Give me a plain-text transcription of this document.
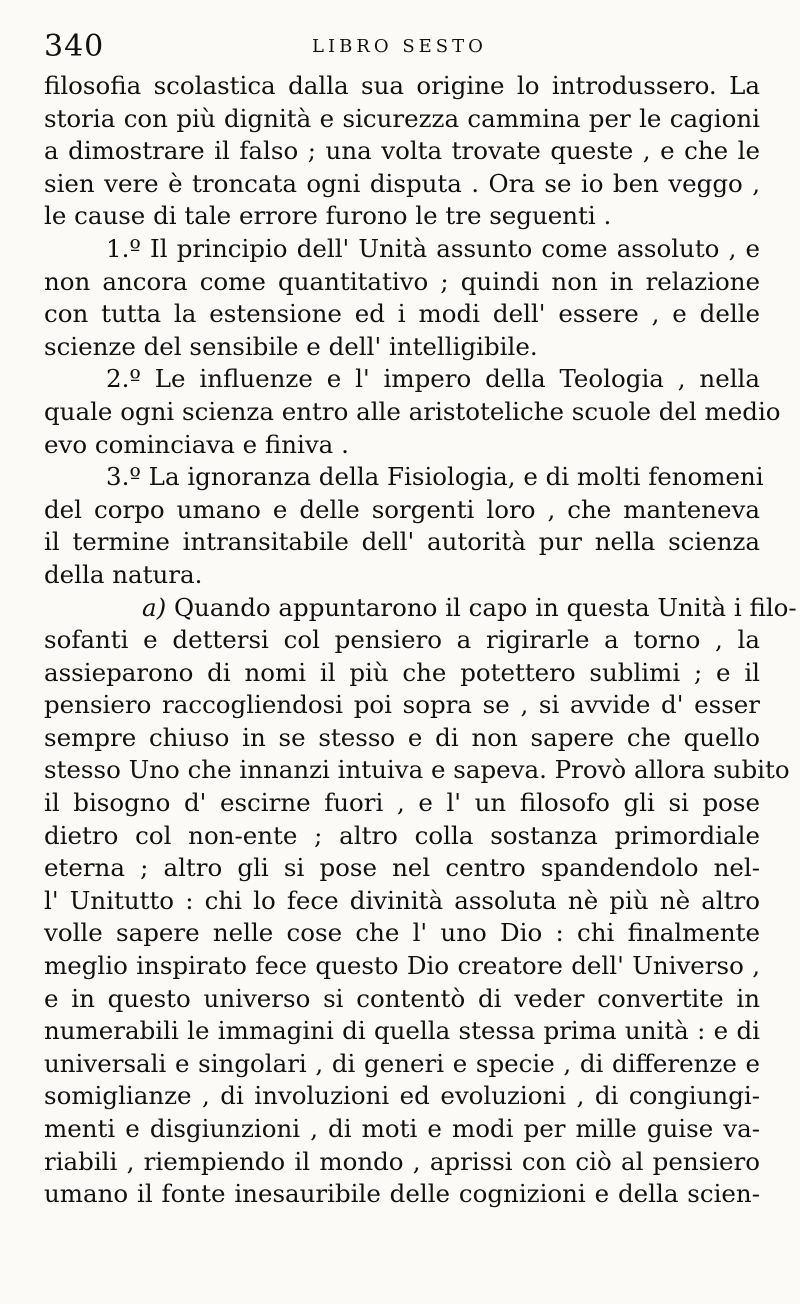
340	LIBRO SESTO
filosofia scolastica dalla sua origine lo introdussero. La
storia con più dignità e sicurezza cammina per le cagioni
a dimostrare il falso ; una volta trovate queste , e che le
sien vere è troncata ogni disputa . Ora se io ben veggo ,
le cause di tale errore furono le tre seguenti .
1.º Il principio dell' Unità assunto come assoluto , e
non ancora come quantitativo ; quindi non in relazione
con tutta la estensione ed i modi dell' essere , e delle
scienze del sensibile e dell' intelligibile.
2.º Le influenze e l' impero della Teologia , nella
quale ogni scienza entro alle aristoteliche scuole del medio
evo cominciava e finiva .
3.º La ignoranza della Fisiologia, e di molti fenomeni
del corpo umano e delle sorgenti loro , che manteneva
il termine intransitabile dell' autorità pur nella scienza
della natura.
a) Quando appuntarono il capo in questa Unità i filo-
sofanti e dettersi col pensiero a rigirarle a torno , la
assieparono di nomi il più che potettero sublimi ; e il
pensiero raccogliendosi poi sopra se , si avvide d' esser
sempre chiuso in se stesso e di non sapere che quello
stesso Uno che innanzi intuiva e sapeva. Provò allora subito
il bisogno d' escirne fuori , e l' un filosofo gli si pose
dietro col non-ente ; altro colla sostanza primordiale
eterna ; altro gli si pose nel centro spandendolo nel-
l' Unitutto : chi lo fece divinità assoluta nè più nè altro
volle sapere nelle cose che l' uno Dio : chi finalmente
meglio inspirato fece questo Dio creatore dell' Universo ,
e in questo universo si contentò di veder convertite in
numerabili le immagini di quella stessa prima unità : e di
universali e singolari , di generi e specie , di differenze e
somiglianze , di involuzioni ed evoluzioni , di congiungi-
menti e disgiunzioni , di moti e modi per mille guise va-
riabili , riempiendo il mondo , aprissi con ciò al pensiero
umano il fonte inesauribile delle cognizioni e della scien-
